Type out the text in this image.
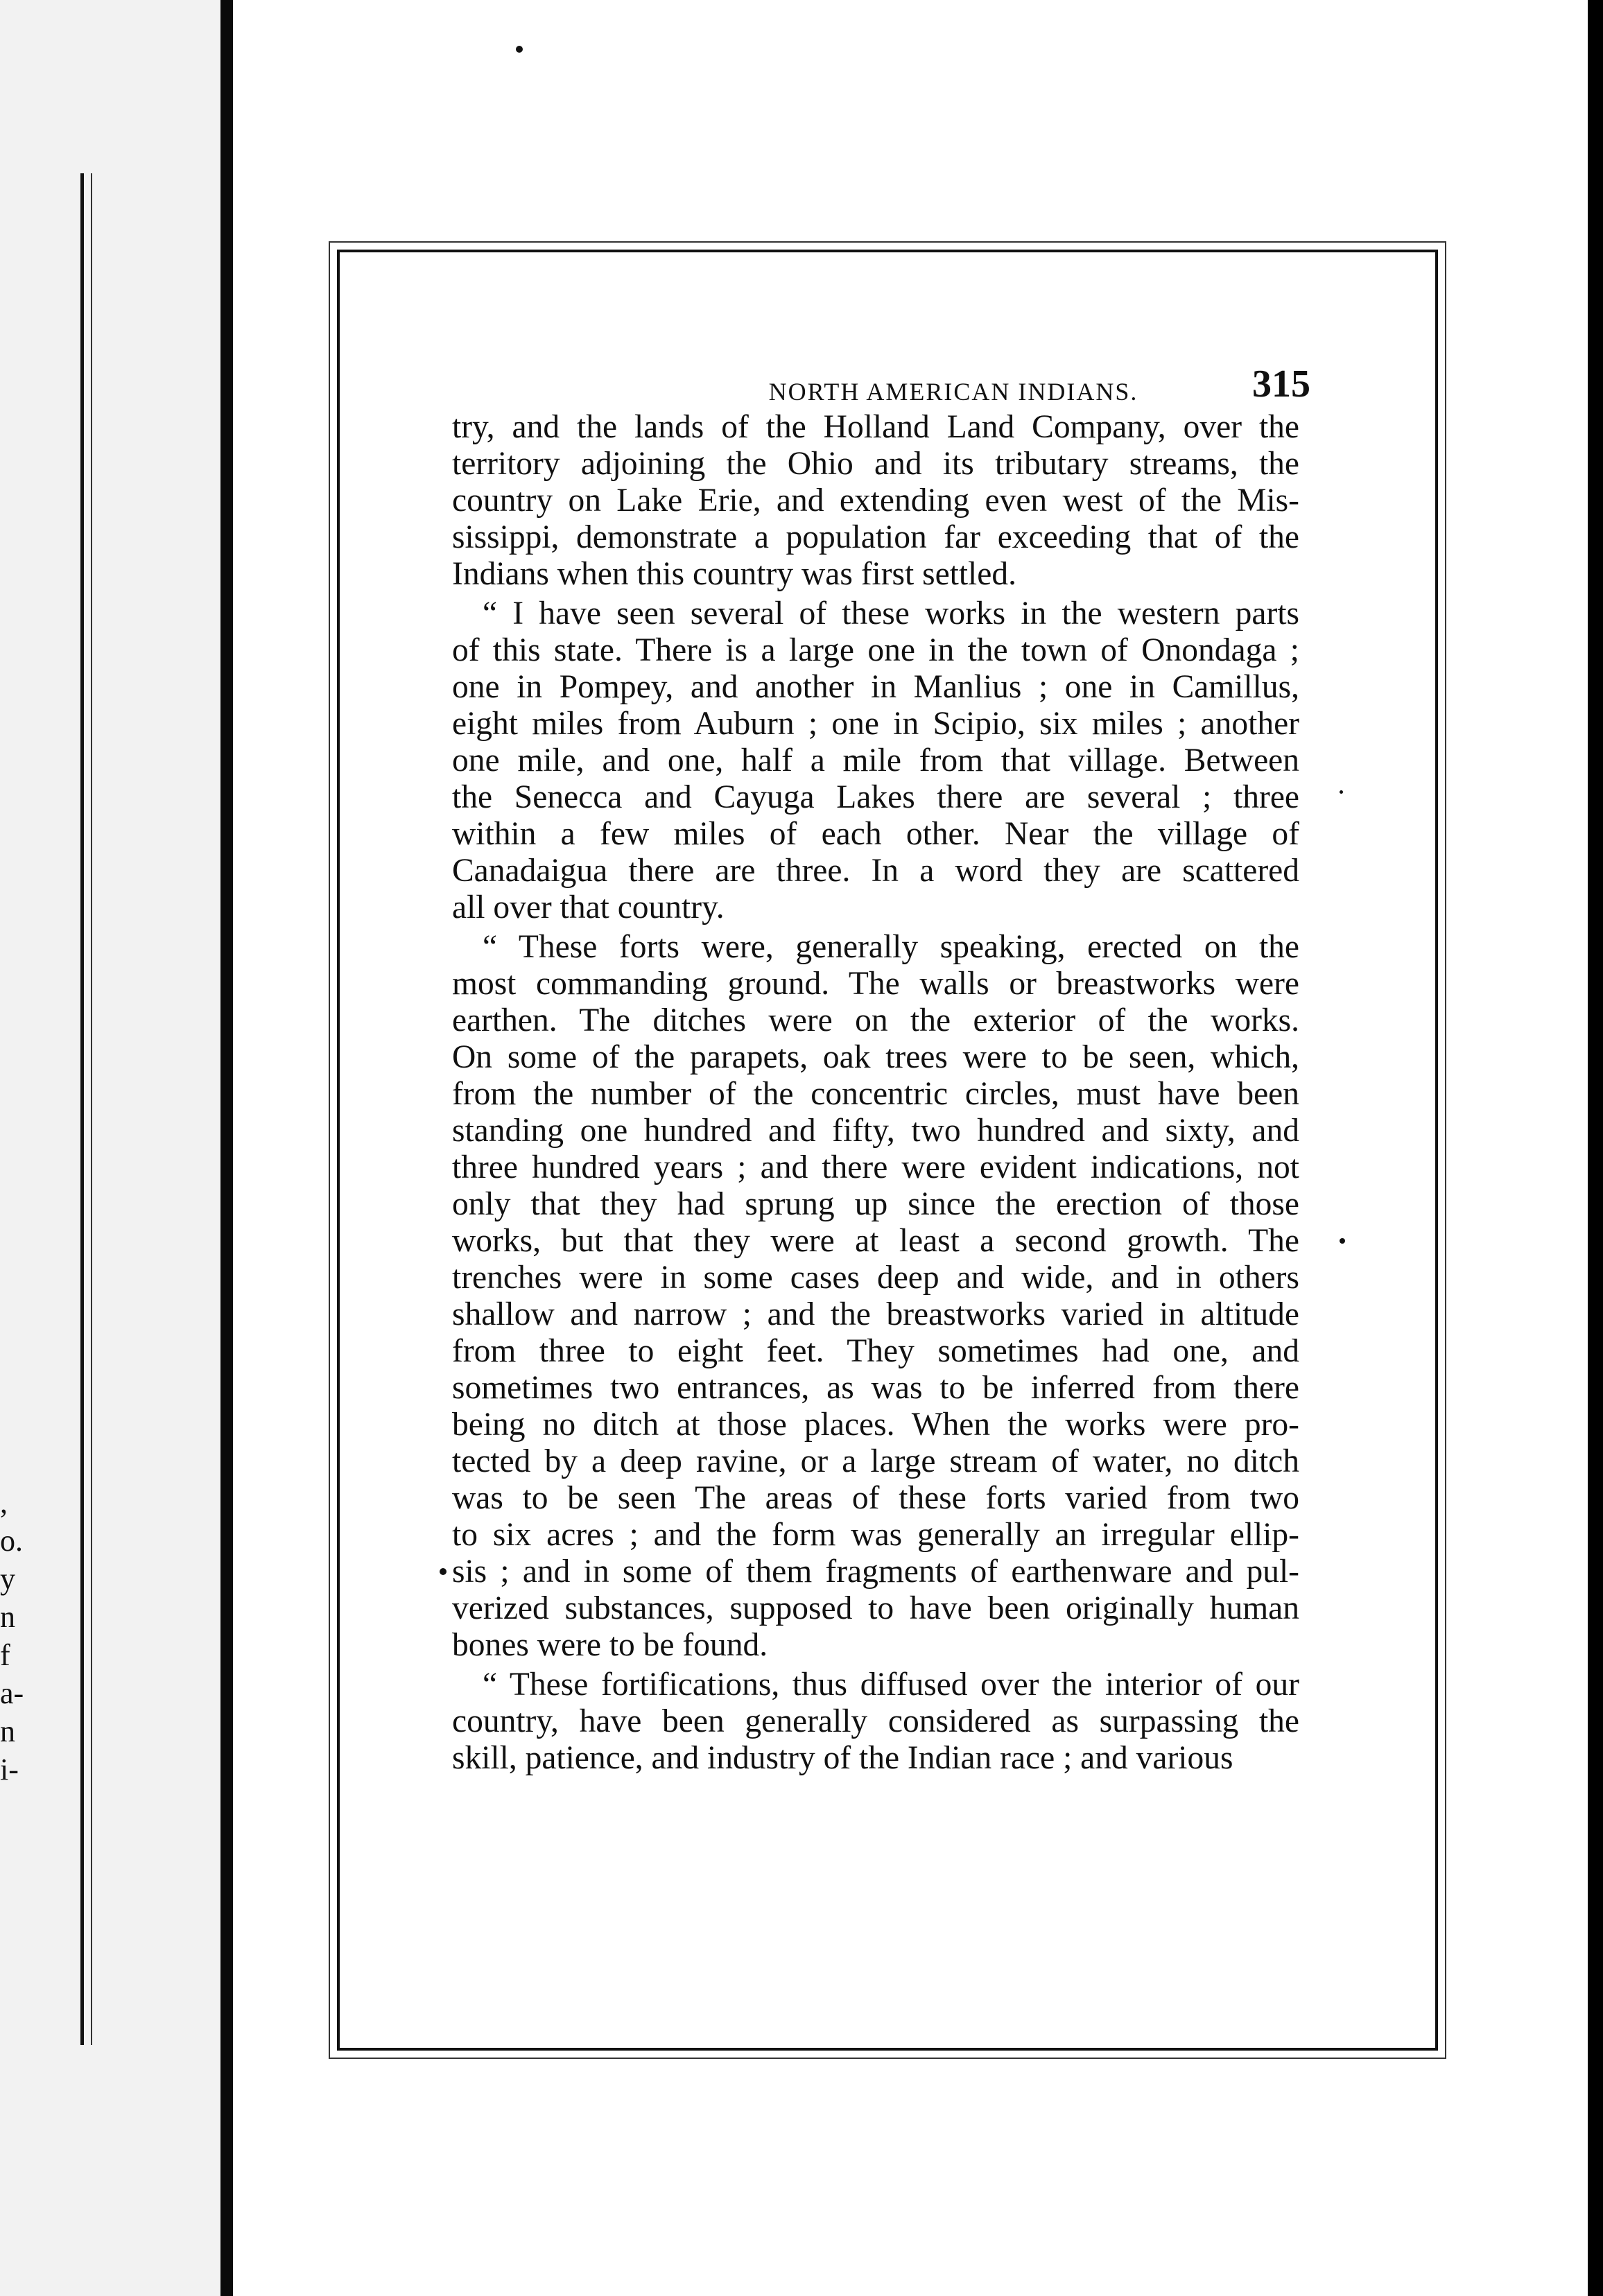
,
o.
y
n
f
a-
n
i-
NORTH AMERICAN INDIANS.	315
try, and the lands of the Holland Land Company, over the
territory adjoining the Ohio and its tributary streams, the
country on Lake Erie, and extending even west of the Mis-
sissippi, demonstrate a population far exceeding that of the
Indians when this country was first settled.
“ I have seen several of these works in the western parts
of this state. There is a large one in the town of Onondaga ;
one in Pompey, and another in Manlius ; one in Camillus,
eight miles from Auburn ; one in Scipio, six miles ; another
one mile, and one, half a mile from that village. Between
the Senecca and Cayuga Lakes there are several ; three
within a few miles of each other. Near the village of
Canadaigua there are three. In a word they are scattered
all over that country.
“ These forts were, generally speaking, erected on the
most commanding ground. The walls or breastworks were
earthen. The ditches were on the exterior of the works.
On some of the parapets, oak trees were to be seen, which,
from the number of the concentric circles, must have been
standing one hundred and fifty, two hundred and sixty, and
three hundred years ; and there were evident indications, not
only that they had sprung up since the erection of those
works, but that they were at least a second growth. The
trenches were in some cases deep and wide, and in others
shallow and narrow ; and the breastworks varied in altitude
from three to eight feet. They sometimes had one, and
sometimes two entrances, as was to be inferred from there
being no ditch at those places. When the works were pro-
tected by a deep ravine, or a large stream of water, no ditch
was to be seen The areas of these forts varied from two
to six acres ; and the form was generally an irregular ellip-
sis ; and in some of them fragments of earthenware and pul-
verized substances, supposed to have been originally human
bones were to be found.
“ These fortifications, thus diffused over the interior of our
country, have been generally considered as surpassing the
skill, patience, and industry of the Indian race ; and various
